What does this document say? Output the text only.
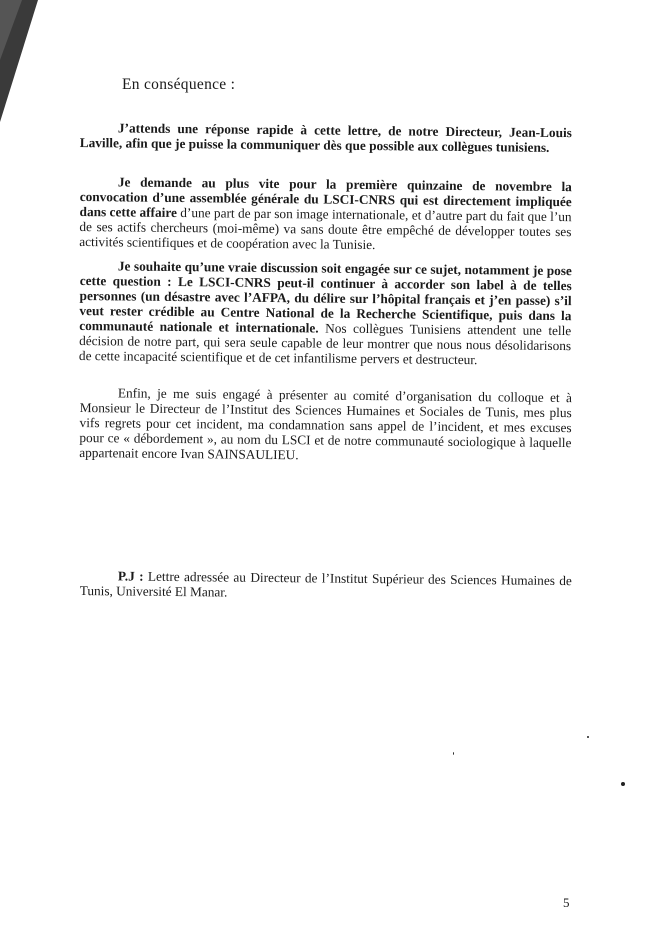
En conséquence :

J’attends une réponse rapide à cette lettre, de notre Directeur, Jean-Louis Laville, afin que je puisse la communiquer dès que possible aux collègues tunisiens.

Je demande au plus vite pour la première quinzaine de novembre la convocation d’une assemblée générale du LSCI-CNRS qui est directement impliquée dans cette affaire d’une part de par son image internationale, et d’autre part du fait que l’un de ses actifs chercheurs (moi-même) va sans doute être empêché de développer toutes ses activités scientifiques et de coopération avec la Tunisie.

Je souhaite qu’une vraie discussion soit engagée sur ce sujet, notamment je pose cette question : Le LSCI-CNRS peut-il continuer à accorder son label à de telles personnes (un désastre avec l’AFPA, du délire sur l’hôpital français et j’en passe) s’il veut rester crédible au Centre National de la Recherche Scientifique, puis dans la communauté nationale et internationale. Nos collègues Tunisiens attendent une telle décision de notre part, qui sera seule capable de leur montrer que nous nous désolidarisons de cette incapacité scientifique et de cet infantilisme pervers et destructeur.

Enfin, je me suis engagé à présenter au comité d’organisation du colloque et à Monsieur le Directeur de l’Institut des Sciences Humaines et Sociales de Tunis, mes plus vifs regrets pour cet incident, ma condamnation sans appel de l’incident, et mes excuses pour ce « débordement », au nom du LSCI et de notre communauté sociologique à laquelle appartenait encore Ivan SAINSAULIEU.

P.J : Lettre adressée au Directeur de l’Institut Supérieur des Sciences Humaines de Tunis, Université El Manar.

5
